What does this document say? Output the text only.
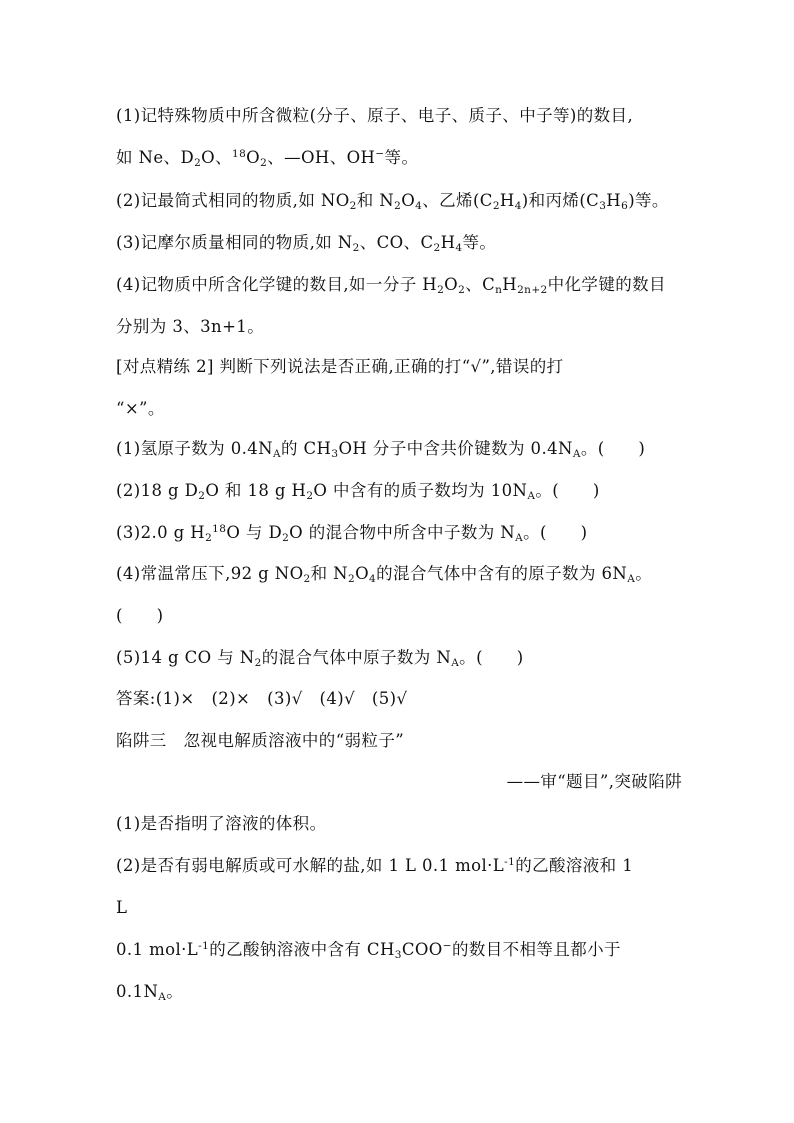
(1)记特殊物质中所含微粒(分子、原子、电子、质子、中子等)的数目,
如 Ne、$D_2O$、$^{18}O_2$、—OH、OH−等。
(2)记最简式相同的物质,如 $NO_2$和 $N_2O_4$、乙烯$(C_2H_4)$和丙烯$(C_3H_6)$等。
(3)记摩尔质量相同的物质,如 $N_2$、CO、$C_2H_4$等。
(4)记物质中所含化学键的数目,如一分子 $H_2O_2$、$C_nH_{2n+2}$中化学键的数目
分别为 3、3n+1。
[对点精练 2] 判断下列说法是否正确,正确的打“√”,错误的打
“×”。
(1)氢原子数为 $0.4N_A$的 $CH_3OH$ 分子中含共价键数为 $0.4N_A$。(　　)
(2)18 g $D_2O$ 和 18 g $H_2O$ 中含有的质子数均为 $10N_A$。(　　)
(3)2.0 g $H_2^{18}O$ 与 $D_2O$ 的混合物中所含中子数为 $N_A$。(　　)
(4)常温常压下,92 g $NO_2$和 $N_2O_4$的混合气体中含有的原子数为 $6N_A$。
(　　)
(5)14 g CO 与 $N_2$的混合气体中原子数为 $N_A$。(　　)
答案:(1)×　(2)×　(3)√　(4)√　(5)√
陷阱三　忽视电解质溶液中的“弱粒子”
——审“题目”,突破陷阱
(1)是否指明了溶液的体积。
(2)是否有弱电解质或可水解的盐,如 1 L 0.1 $mol\cdot L^{-1}$的乙酸溶液和 1
L
0.1 $mol\cdot L^{-1}$的乙酸钠溶液中含有 $CH_3COO^-$的数目不相等且都小于
$0.1N_A$。
